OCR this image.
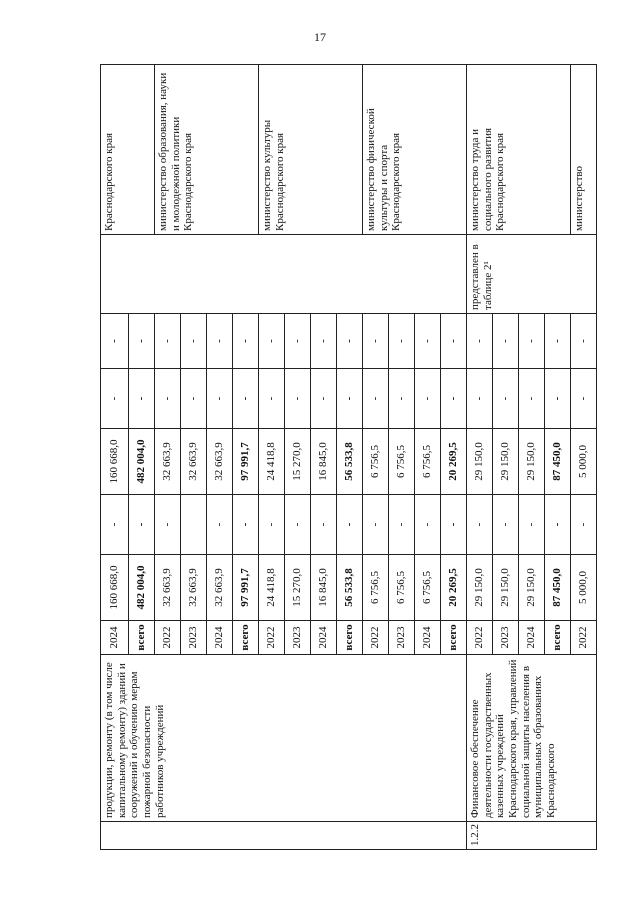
17
	продукции, ремонту (в том числе капитальному ремонту) зданий и сооружений и обучению мерам пожарной безопасности работников учреждений	2024	160 668,0	-	160 668,0	-	-		Краснодарского края
		всего	482 004,0	-	482 004,0	-	-		
		2022	32 663,9	-	32 663,9	-	-		министерство образования, науки и молодежной политики Краснодарского края
		2023	32 663,9		32 663,9	-	-		
		2024	32 663,9	-	32 663,9	-	-		
		всего	97 991,7	-	97 991,7	-	-		
		2022	24 418,8	-	24 418,8	-	-		министерство культуры Краснодарского края
		2023	15 270,0	-	15 270,0	-	-		
		2024	16 845,0	-	16 845,0	-	-		
		всего	56 533,8	-	56 533,8	-	-		
		2022	6 756,5	-	6 756,5	-	-		министерство физической культуры и спорта Краснодарского края
		2023	6 756,5	-	6 756,5	-	-		
		2024	6 756,5	-	6 756,5	-	-		
		всего	20 269,5	-	20 269,5	-	-		
1.2.2	Финансовое обеспечение деятельности государственных казенных учреждений Краснодарского края, управлений социальной защиты населения в муниципальных образованиях Краснодарского	2022	29 150,0	-	29 150,0	-	-	представлен в таблице 2¹	министерство труда и социального развития Краснодарского края
		2023	29 150,0	-	29 150,0	-	-		
		2024	29 150,0	-	29 150,0	-	-		
		всего	87 450,0	-	87 450,0	-	-		
		2022	5 000,0	-	5 000,0	-	-		министерство
